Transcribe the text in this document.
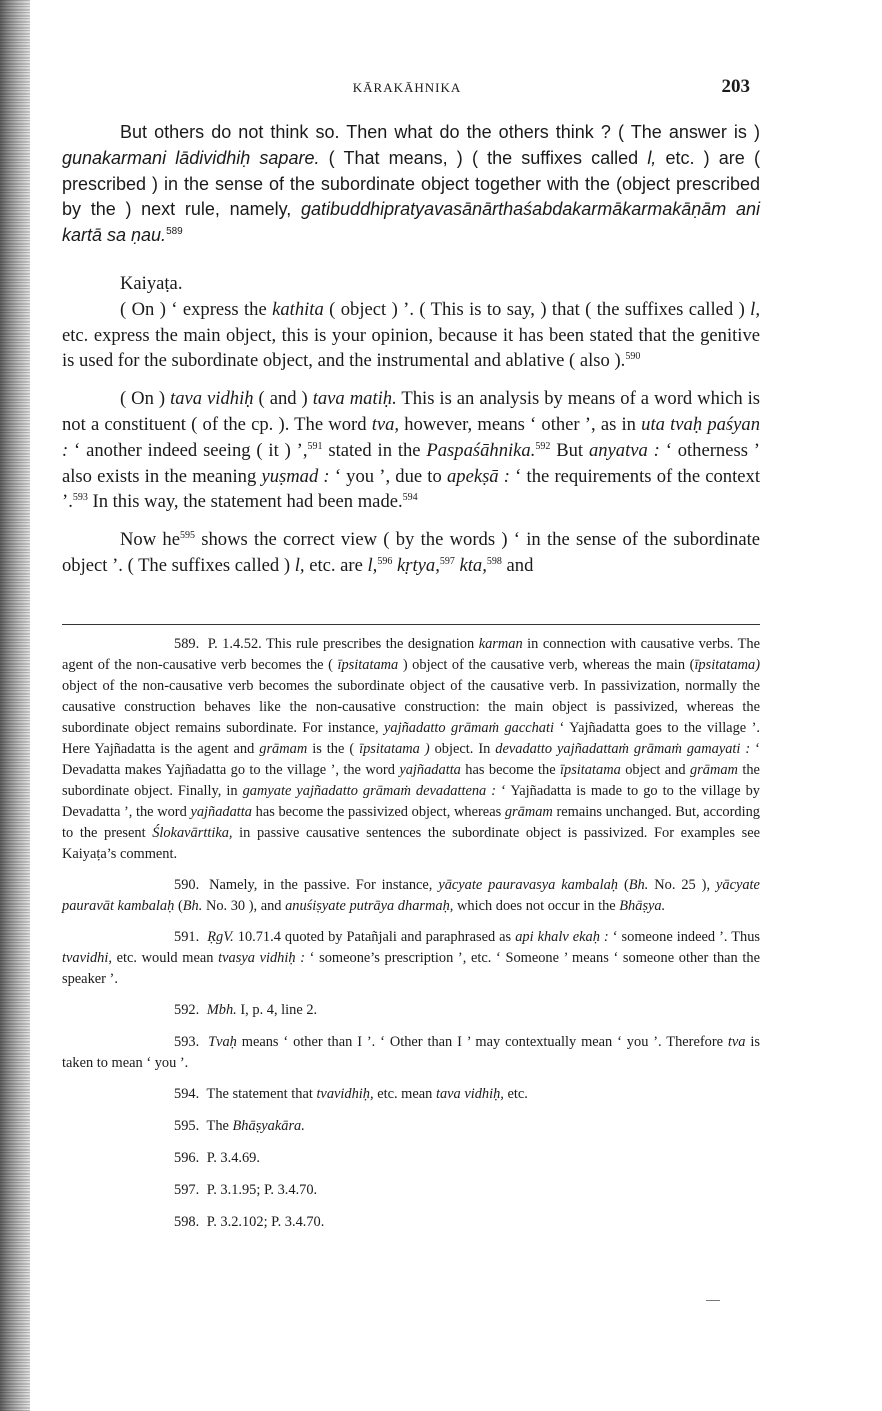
KĀRAKĀHNIKA	203

But others do not think so. Then what do the others think ? ( The answer is ) gunakarmani lādividhiḥ sapare. ( That means, ) ( the suffixes called l, etc. ) are ( prescribed ) in the sense of the subordinate object together with the (object prescribed by the ) next rule, namely, gatibuddhipratyavasānārthaśabdakarmākarmakāṇām ani kartā sa ṇau.$^{589}$

Kaiyaṭa.

( On ) ‘ express the kathita ( object ) ’. ( This is to say, ) that ( the suffixes called ) l, etc. express the main object, this is your opinion, because it has been stated that the genitive is used for the subordinate object, and the instrumental and ablative ( also ).$^{590}$

( On ) tava vidhiḥ ( and ) tava matiḥ. This is an analysis by means of a word which is not a constituent ( of the cp. ). The word tva, however, means ‘ other ’, as in uta tvaḥ paśyan : ‘ another indeed seeing ( it ) ’,$^{591}$ stated in the Paspaśāhnika.$^{592}$ But anyatva : ‘ otherness ’ also exists in the meaning yuṣmad : ‘ you ’, due to apekṣā : ‘ the requirements of the context ’.$^{593}$ In this way, the statement had been made.$^{594}$

Now $he^{595}$ shows the correct view ( by the words ) ‘ in the sense of the subordinate object ’. ( The suffixes called ) l, etc. are l,$^{596}$ kṛtya,$^{597}$ kta,$^{598}$ and

589. P. 1.4.52. This rule prescribes the designation karman in connection with causative verbs. The agent of the non-causative verb becomes the ( īpsitatama ) object of the causative verb, whereas the main (īpsitatama) object of the non-causative verb becomes the subordinate object of the causative verb. In passivization, normally the causative construction behaves like the non-causative construction: the main object is passivized, whereas the subordinate object remains subordinate. For instance, yajñadatto grāmaṁ gacchati ‘ Yajñadatta goes to the village ’. Here Yajñadatta is the agent and grāmam is the ( īpsitatama ) object. In devadatto yajñadattaṁ grāmaṁ gamayati : ‘ Devadatta makes Yajñadatta go to the village ’, the word yajñadatta has become the īpsitatama object and grāmam the subordinate object. Finally, in gamyate yajñadatto grāmaṁ devadattena : ‘ Yajñadatta is made to go to the village by Devadatta ’, the word yajñadatta has become the passivized object, whereas grāmam remains unchanged. But, according to the present Ślokavārttika, in passive causative sentences the subordinate object is passivized. For examples see Kaiyaṭa’s comment.

590. Namely, in the passive. For instance, yācyate pauravasya kambalaḥ (Bh. No. 25 ), yācyate pauravāt kambalaḥ (Bh. No. 30 ), and anuśiṣyate putrāya dharmaḥ, which does not occur in the Bhāṣya.

591. ṚgV. 10.71.4 quoted by Patañjali and paraphrased as api khalv ekaḥ : ‘ someone indeed ’. Thus tvavidhi, etc. would mean tvasya vidhiḥ : ‘ someone’s prescription ’, etc. ‘ Someone ’ means ‘ someone other than the speaker ’.

592. Mbh. I, p. 4, line 2.

593. Tvaḥ means ‘ other than I ’. ‘ Other than I ’ may contextually mean ‘ you ’. Therefore tva is taken to mean ‘ you ’.

594. The statement that tvavidhiḥ, etc. mean tava vidhiḥ, etc.

595. The Bhāṣyakāra.

596. P. 3.4.69.

597. P. 3.1.95; P. 3.4.70.

598. P. 3.2.102; P. 3.4.70.
